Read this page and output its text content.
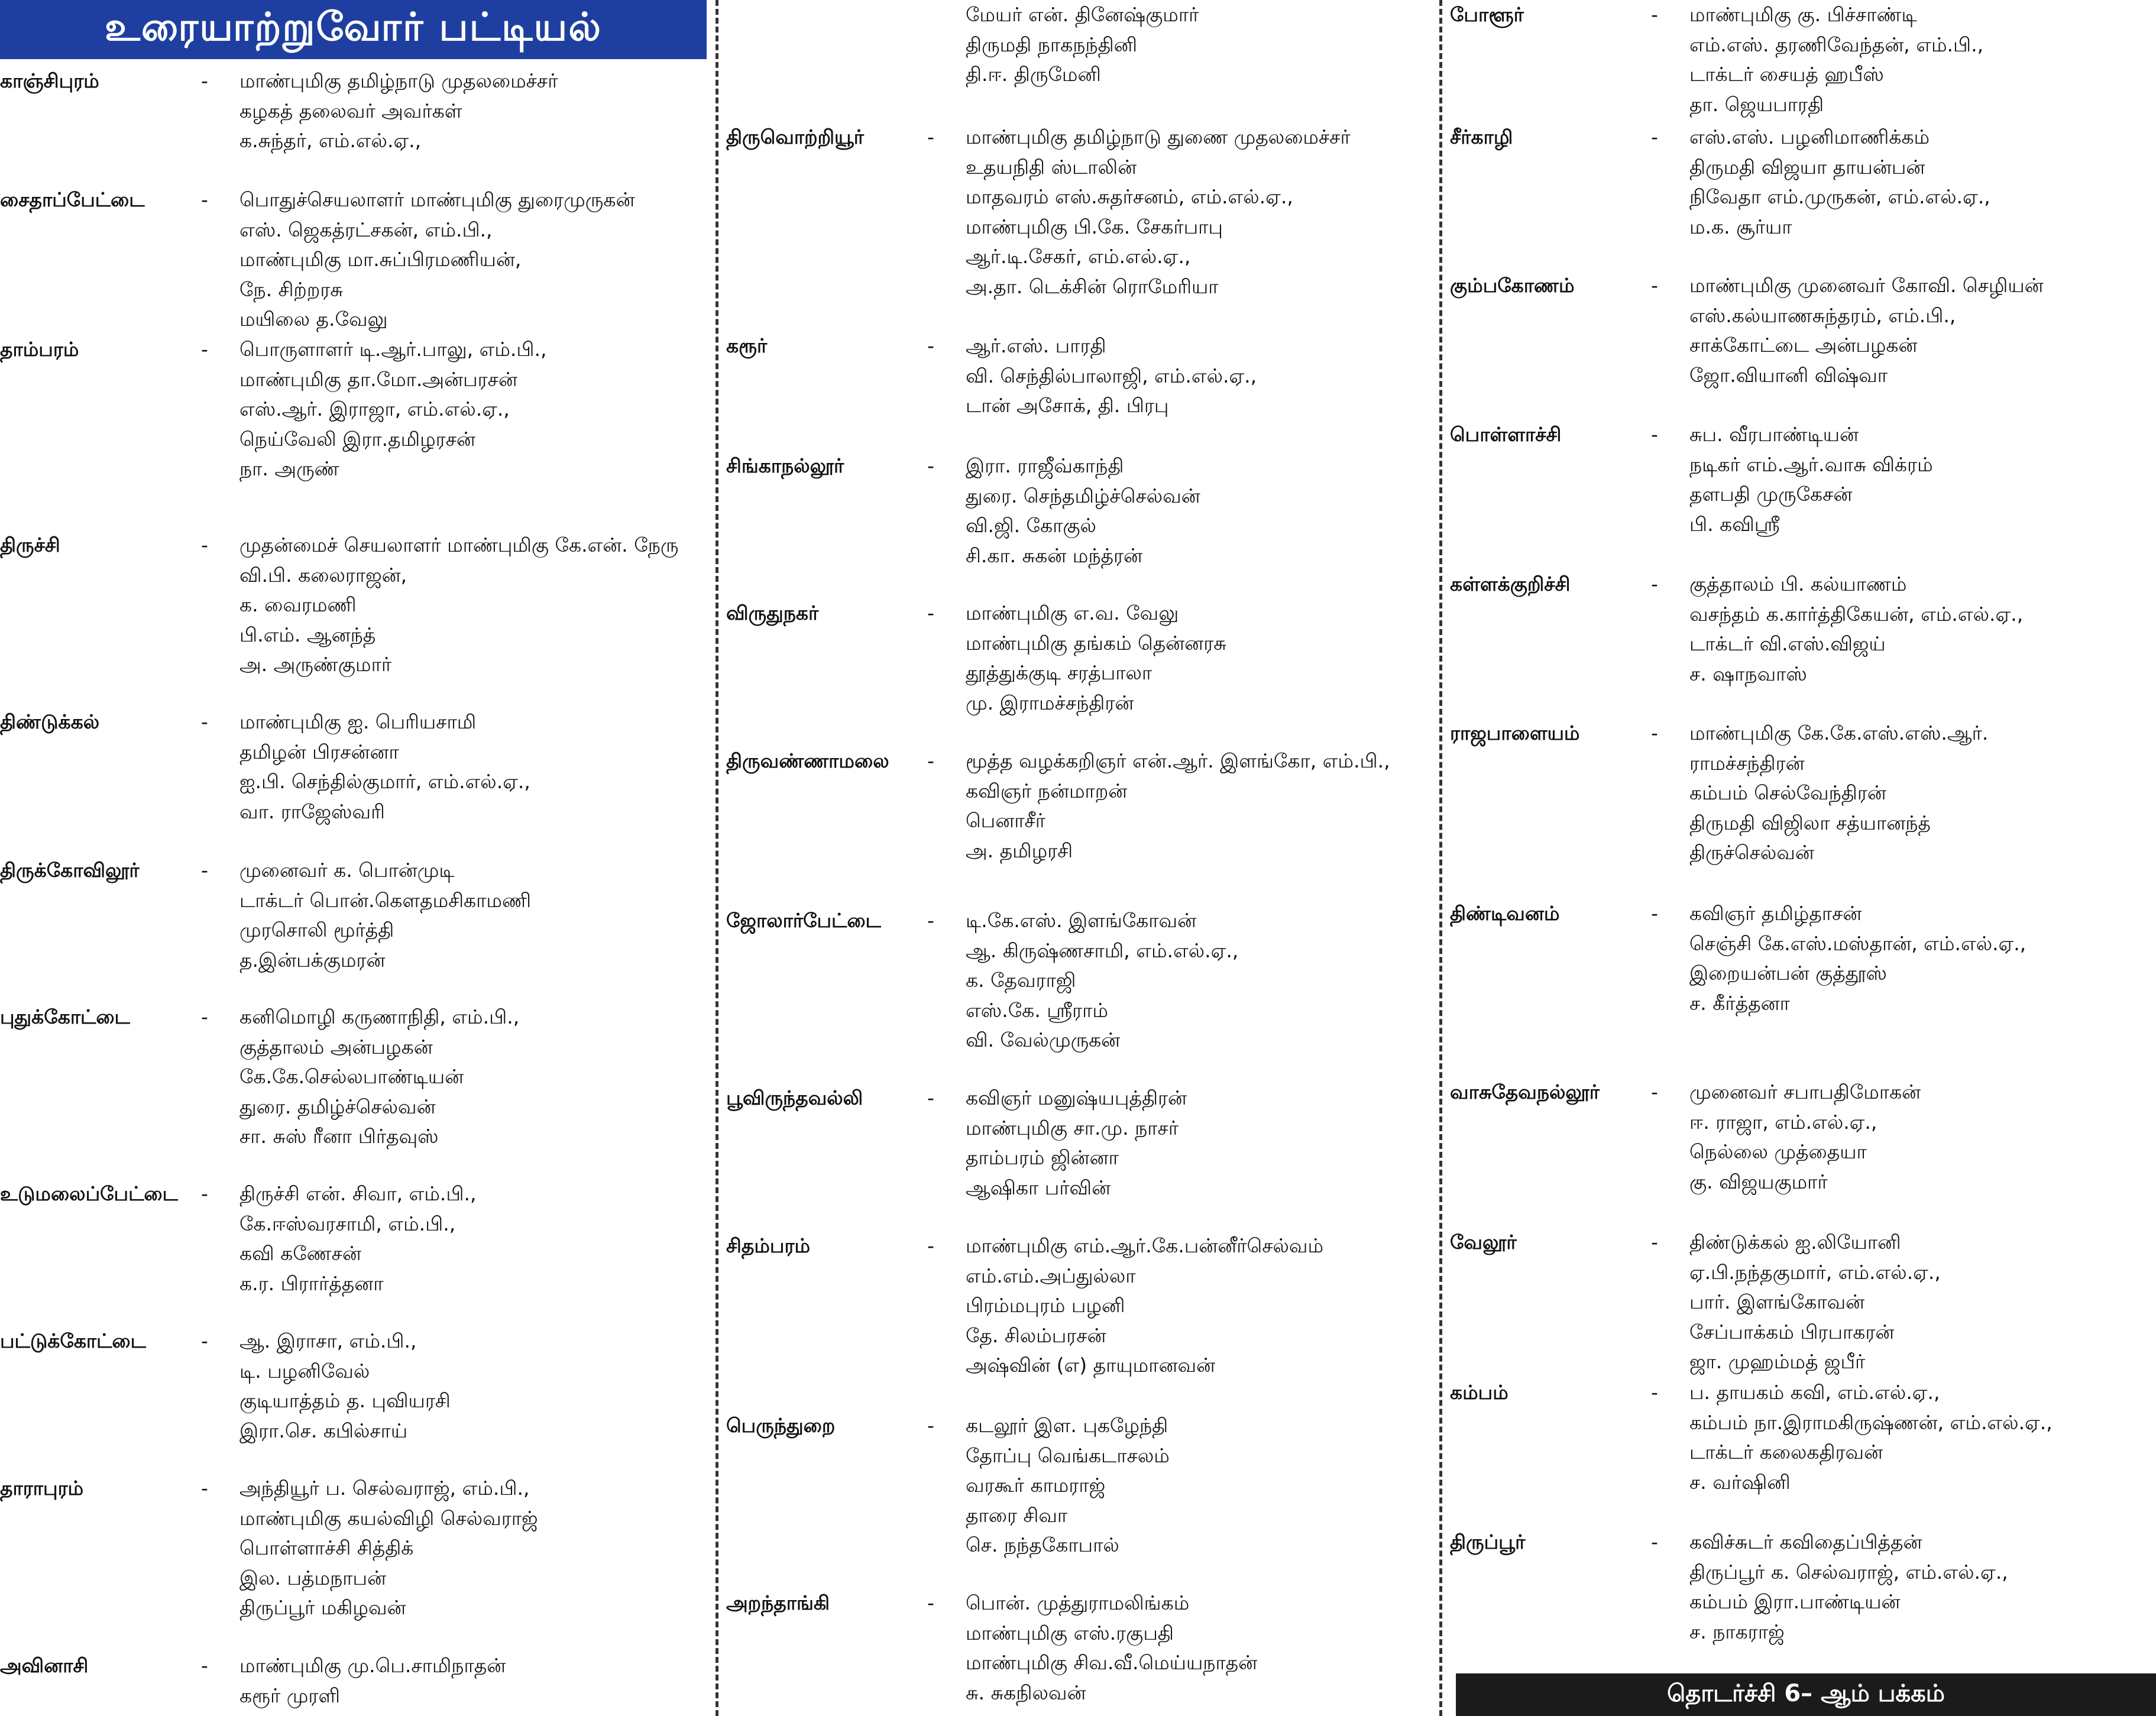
உரையாற்றுவோர் பட்டியல்
காஞ்சிபுரம்	- மாண்புமிகு தமிழ்நாடு முதலமைச்சர்
கழகத் தலைவர் அவர்கள்
க.சுந்தர், எம்.எல்.ஏ.,
சைதாப்பேட்டை	- பொதுச்செயலாளர் மாண்புமிகு துரைமுருகன்
எஸ். ஜெகத்ரட்சகன், எம்.பி.,
மாண்புமிகு மா.சுப்பிரமணியன்,
நே. சிற்றரசு
மயிலை த.வேலு
தாம்பரம்	- பொருளாளர் டி.ஆர்.பாலு, எம்.பி.,
மாண்புமிகு தா.மோ.அன்பரசன்
எஸ்.ஆர். இராஜா, எம்.எல்.ஏ.,
நெய்வேலி இரா.தமிழரசன்
நா. அருண்
திருச்சி	- முதன்மைச் செயலாளர் மாண்புமிகு கே.என். நேரு
வி.பி. கலைராஜன்,
க. வைரமணி
பி.எம். ஆனந்த்
அ. அருண்குமார்
திண்டுக்கல்	- மாண்புமிகு ஐ. பெரியசாமி
தமிழன் பிரசன்னா
ஐ.பி. செந்தில்குமார், எம்.எல்.ஏ.,
வா. ராஜேஸ்வரி
திருக்கோவிலூர்	- முனைவர் க. பொன்முடி
டாக்டர் பொன்.கௌதமசிகாமணி
முரசொலி மூர்த்தி
த.இன்பக்குமரன்
புதுக்கோட்டை	- கனிமொழி கருணாநிதி, எம்.பி.,
குத்தாலம் அன்பழகன்
கே.கே.செல்லபாண்டியன்
துரை. தமிழ்ச்செல்வன்
சா. சுஸ் ரீனா பிர்தவுஸ்
உடுமலைப்பேட்டை - திருச்சி என். சிவா, எம்.பி.,
கே.ஈஸ்வரசாமி, எம்.பி.,
கவி கணேசன்
க.ர. பிரார்த்தனா
பட்டுக்கோட்டை	- ஆ. இராசா, எம்.பி.,
டி. பழனிவேல்
குடியாத்தம் த. புவியரசி
இரா.செ. கபில்சாய்
தாராபுரம்	- அந்தியூர் ப. செல்வராஜ், எம்.பி.,
மாண்புமிகு கயல்விழி செல்வராஜ்
பொள்ளாச்சி சித்திக்
இல. பத்மநாபன்
திருப்பூர் மகிழவன்
அவினாசி	- மாண்புமிகு மு.பெ.சாமிநாதன்
கரூர் முரளி
மேயர் என். தினேஷ்குமார்
திருமதி நாகநந்தினி
தி.ஈ. திருமேனி
திருவொற்றியூர்	- மாண்புமிகு தமிழ்நாடு துணை முதலமைச்சர்
உதயநிதி ஸ்டாலின்
மாதவரம் எஸ்.சுதர்சனம், எம்.எல்.ஏ.,
மாண்புமிகு பி.கே. சேகர்பாபு
ஆர்.டி.சேகர், எம்.எல்.ஏ.,
அ.தா. டெக்சின் ரொமேரியா
கரூர்	- ஆர்.எஸ். பாரதி
வி. செந்தில்பாலாஜி, எம்.எல்.ஏ.,
டான் அசோக், தி. பிரபு
சிங்காநல்லூர்	- இரா. ராஜீவ்காந்தி
துரை. செந்தமிழ்ச்செல்வன்
வி.ஜி. கோகுல்
சி.கா. சுகன் மந்த்ரன்
விருதுநகர்	- மாண்புமிகு எ.வ. வேலு
மாண்புமிகு தங்கம் தென்னரசு
தூத்துக்குடி சரத்பாலா
மு. இராமச்சந்திரன்
திருவண்ணாமலை - மூத்த வழக்கறிஞர் என்.ஆர். இளங்கோ, எம்.பி.,
கவிஞர் நன்மாறன்
பெனாசீர்
அ. தமிழரசி
ஜோலார்பேட்டை - டி.கே.எஸ். இளங்கோவன்
ஆ. கிருஷ்ணசாமி, எம்.எல்.ஏ.,
க. தேவராஜி
எஸ்.கே. ஸ்ரீராம்
வி. வேல்முருகன்
பூவிருந்தவல்லி	- கவிஞர் மனுஷ்யபுத்திரன்
மாண்புமிகு சா.மு. நாசர்
தாம்பரம் ஜின்னா
ஆஷிகா பர்வின்
சிதம்பரம்	- மாண்புமிகு எம்.ஆர்.கே.பன்னீர்செல்வம்
எம்.எம்.அப்துல்லா
பிரம்மபுரம் பழனி
தே. சிலம்பரசன்
அஷ்வின் (எ) தாயுமானவன்
பெருந்துறை	- கடலூர் இள. புகழேந்தி
தோப்பு வெங்கடாசலம்
வரகூர் காமராஜ்
தாரை சிவா
செ. நந்தகோபால்
அறந்தாங்கி	- பொன். முத்துராமலிங்கம்
மாண்புமிகு எஸ்.ரகுபதி
மாண்புமிகு சிவ.வீ.மெய்யநாதன்
சு. சுகநிலவன்
போளூர்	- மாண்புமிகு கு. பிச்சாண்டி
எம்.எஸ். தரணிவேந்தன், எம்.பி.,
டாக்டர் சையத் ஹபீஸ்
தா. ஜெயபாரதி
சீர்காழி	- எஸ்.எஸ். பழனிமாணிக்கம்
திருமதி விஜயா தாயன்பன்
நிவேதா எம்.முருகன், எம்.எல்.ஏ.,
ம.க. சூர்யா
கும்பகோணம்	- மாண்புமிகு முனைவர் கோவி. செழியன்
எஸ்.கல்யாணசுந்தரம், எம்.பி.,
சாக்கோட்டை அன்பழகன்
ஜோ.வியானி விஷ்வா
பொள்ளாச்சி	- சுப. வீரபாண்டியன்
நடிகர் எம்.ஆர்.வாசு விக்ரம்
தளபதி முருகேசன்
பி. கவிஸ்ரீ
கள்ளக்குறிச்சி	- குத்தாலம் பி. கல்யாணம்
வசந்தம் க.கார்த்திகேயன், எம்.எல்.ஏ.,
டாக்டர் வி.எஸ்.விஜய்
ச. ஷாநவாஸ்
ராஜபாளையம்	- மாண்புமிகு கே.கே.எஸ்.எஸ்.ஆர்.
ராமச்சந்திரன்
கம்பம் செல்வேந்திரன்
திருமதி விஜிலா சத்யானந்த்
திருச்செல்வன்
திண்டிவனம்	- கவிஞர் தமிழ்தாசன்
செஞ்சி கே.எஸ்.மஸ்தான், எம்.எல்.ஏ.,
இறையன்பன் குத்தூஸ்
ச. கீர்த்தனா
வாசுதேவநல்லூர்	- முனைவர் சபாபதிமோகன்
ஈ. ராஜா, எம்.எல்.ஏ.,
நெல்லை முத்தையா
கு. விஜயகுமார்
வேலூர்	- திண்டுக்கல் ஐ.லியோனி
ஏ.பி.நந்தகுமார், எம்.எல்.ஏ.,
பார். இளங்கோவன்
சேப்பாக்கம் பிரபாகரன்
ஜா. முஹம்மத் ஜபீர்
கம்பம்	- ப. தாயகம் கவி, எம்.எல்.ஏ.,
கம்பம் நா.இராமகிருஷ்ணன், எம்.எல்.ஏ.,
டாக்டர் கலைகதிரவன்
ச. வர்ஷினி
திருப்பூர்	- கவிச்சுடர் கவிதைப்பித்தன்
திருப்பூர் க. செல்வராஜ், எம்.எல்.ஏ.,
கம்பம் இரா.பாண்டியன்
ச. நாகராஜ்
தொடர்ச்சி 6– ஆம் பக்கம்
